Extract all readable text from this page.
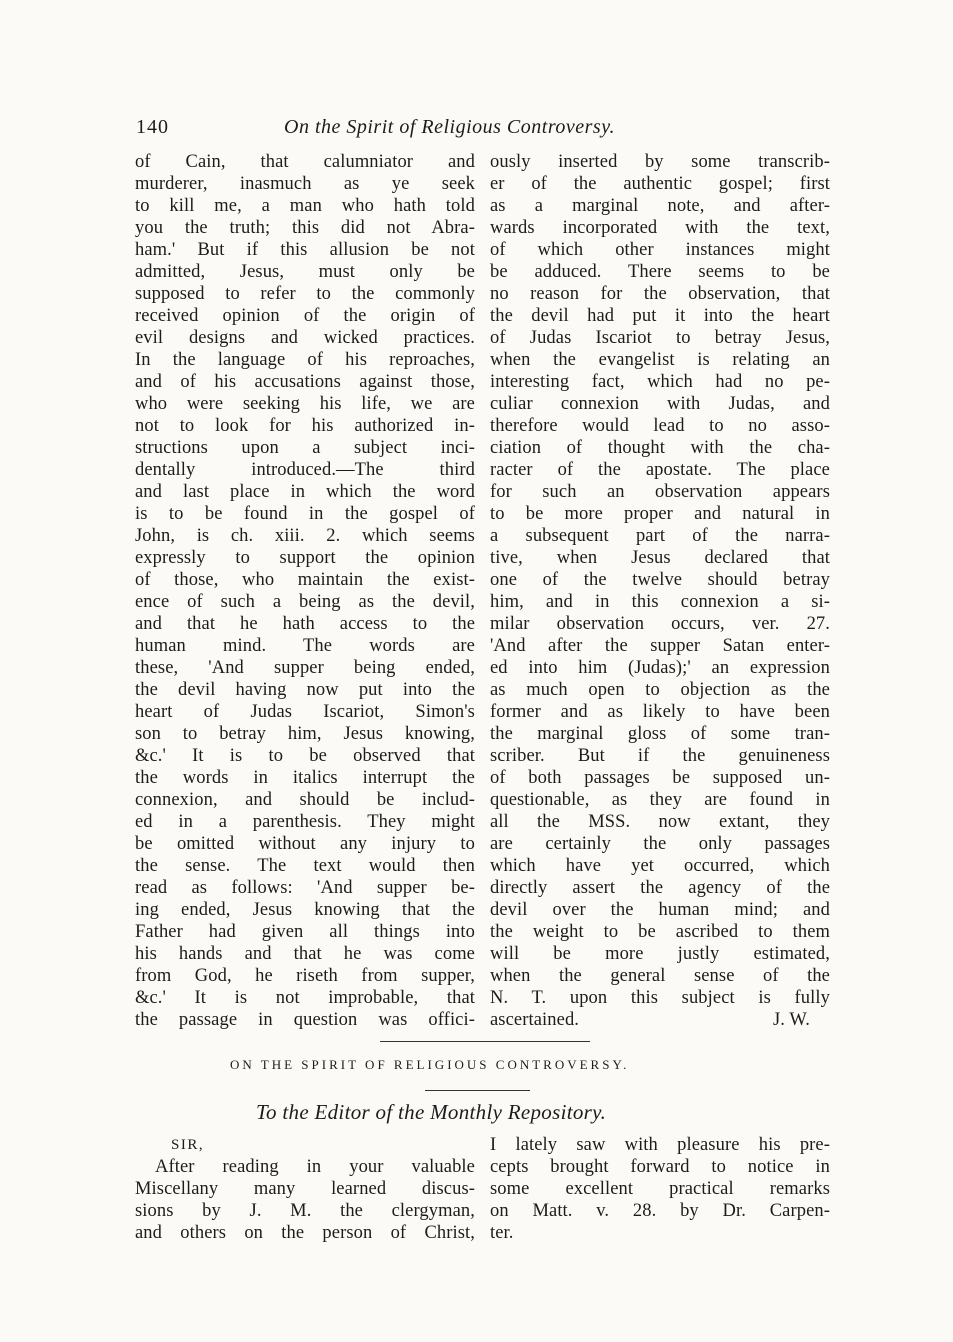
140	On the Spirit of Religious Controversy.
of Cain, that calumniator and
murderer, inasmuch as ye seek
to kill me, a man who hath told
you the truth; this did not Abra-
ham.' But if this allusion be not
admitted, Jesus, must only be
supposed to refer to the commonly
received opinion of the origin of
evil designs and wicked practices.
In the language of his reproaches,
and of his accusations against those,
who were seeking his life, we are
not to look for his authorized in-
structions upon a subject inci-
dentally introduced.—The third
and last place in which the word
is to be found in the gospel of
John, is ch. xiii. 2. which seems
expressly to support the opinion
of those, who maintain the exist-
ence of such a being as the devil,
and that he hath access to the
human mind. The words are
these, 'And supper being ended,
the devil having now put into the
heart of Judas Iscariot, Simon's
son to betray him, Jesus knowing,
&c.' It is to be observed that
the words in italics interrupt the
connexion, and should be includ-
ed in a parenthesis. They might
be omitted without any injury to
the sense. The text would then
read as follows: 'And supper be-
ing ended, Jesus knowing that the
Father had given all things into
his hands and that he was come
from God, he riseth from supper,
&c.' It is not improbable, that
the passage in question was offici-
ously inserted by some transcrib-
er of the authentic gospel; first
as a marginal note, and after-
wards incorporated with the text,
of which other instances might
be adduced. There seems to be
no reason for the observation, that
the devil had put it into the heart
of Judas Iscariot to betray Jesus,
when the evangelist is relating an
interesting fact, which had no pe-
culiar connexion with Judas, and
therefore would lead to no asso-
ciation of thought with the cha-
racter of the apostate. The place
for such an observation appears
to be more proper and natural in
a subsequent part of the narra-
tive, when Jesus declared that
one of the twelve should betray
him, and in this connexion a si-
milar observation occurs, ver. 27.
'And after the supper Satan enter-
ed into him (Judas);' an expression
as much open to objection as the
former and as likely to have been
the marginal gloss of some tran-
scriber. But if the genuineness
of both passages be supposed un-
questionable, as they are found in
all the MSS. now extant, they
are certainly the only passages
which have yet occurred, which
directly assert the agency of the
devil over the human mind; and
the weight to be ascribed to them
will be more justly estimated,
when the general sense of the
N. T. upon this subject is fully
ascertained.	J. W.
ON THE SPIRIT OF RELIGIOUS CONTROVERSY.
To the Editor of the Monthly Repository.
SIR,
After reading in your valuable
Miscellany many learned discus-
sions by J. M. the clergyman,
and others on the person of Christ,
I lately saw with pleasure his pre-
cepts brought forward to notice in
some excellent practical remarks
on Matt. v. 28. by Dr. Carpen-
ter.
